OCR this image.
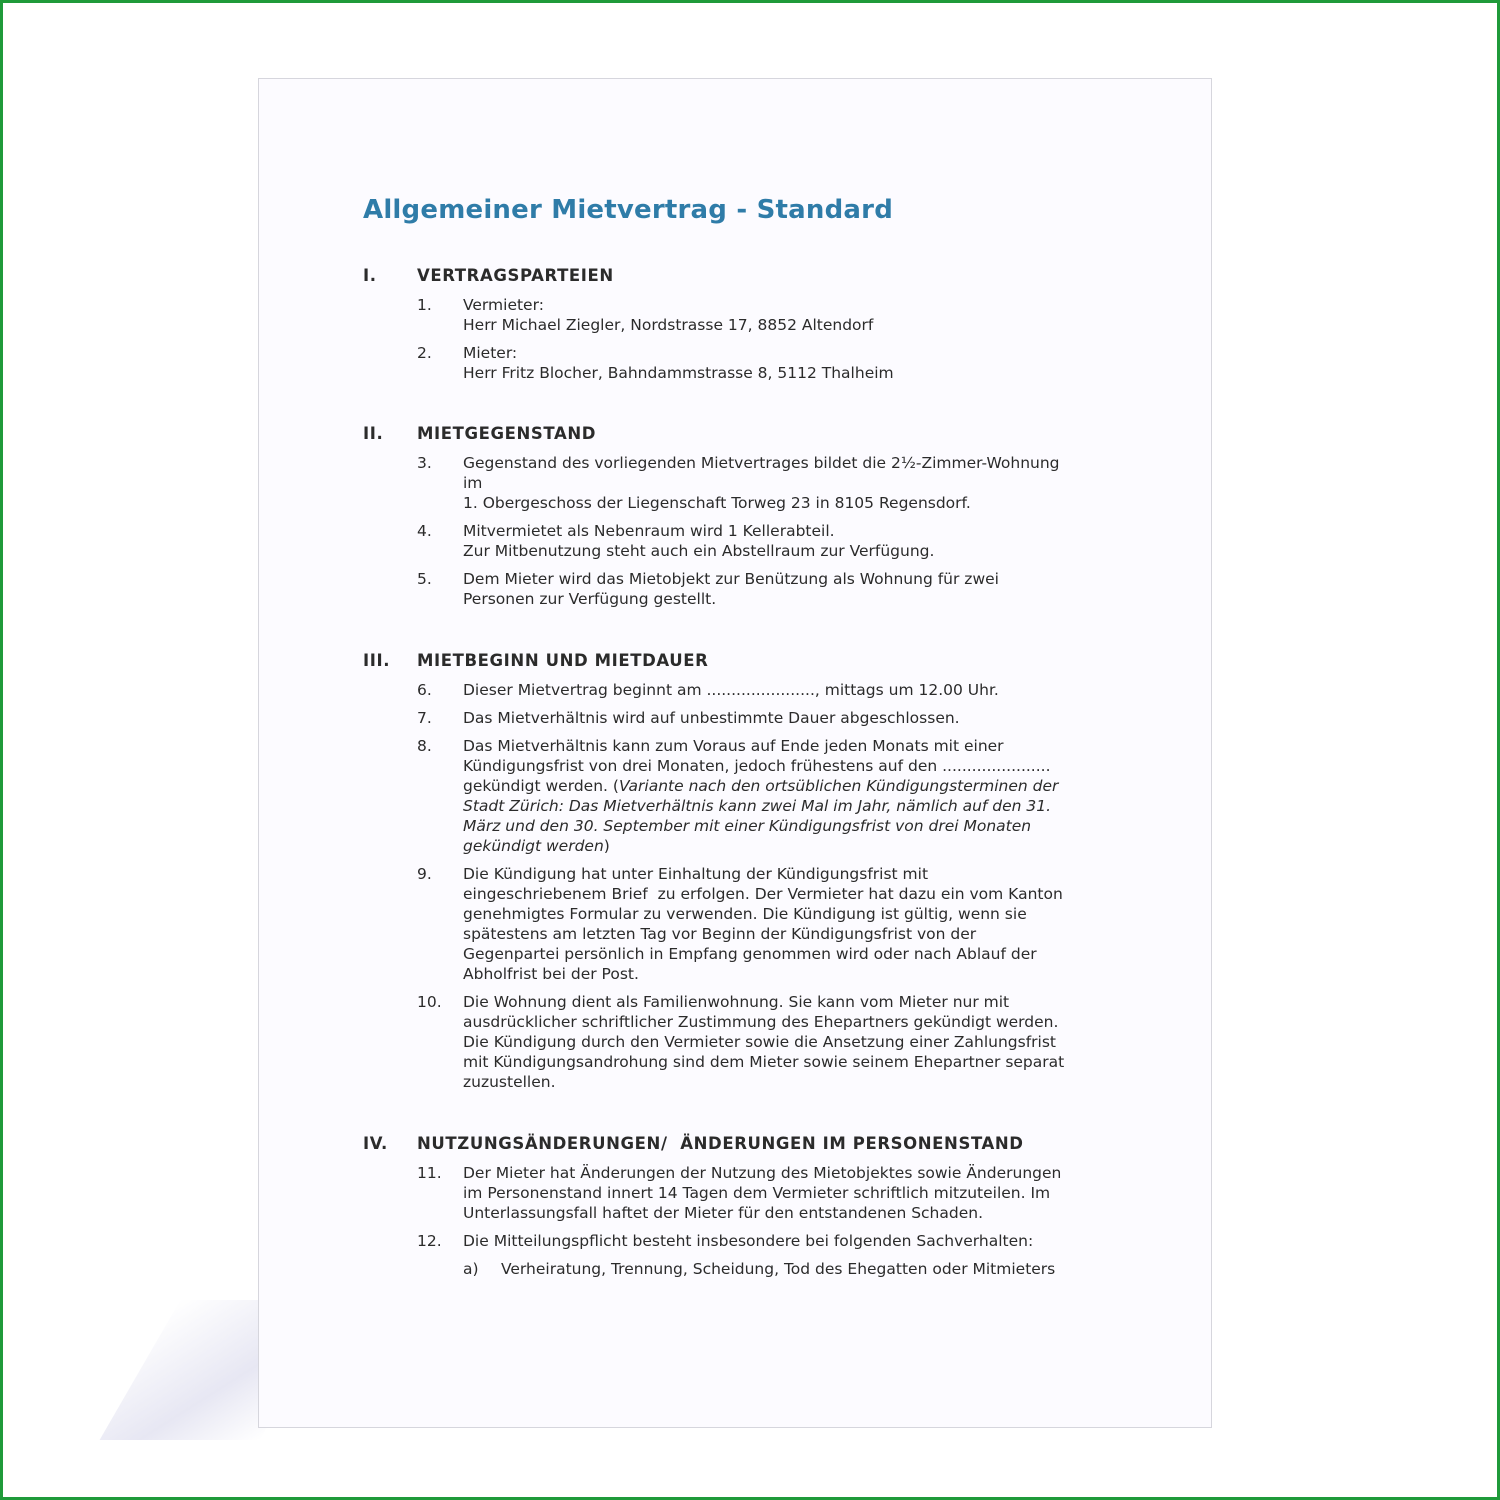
Allgemeiner Mietvertrag - Standard
I.	VERTRAGSPARTEIEN
1.	Vermieter:
Herr Michael Ziegler, Nordstrasse 17, 8852 Altendorf
2.	Mieter:
Herr Fritz Blocher, Bahndammstrasse 8, 5112 Thalheim
II.	MIETGEGENSTAND
3.	Gegenstand des vorliegenden Mietvertrages bildet die 2½-Zimmer-Wohnung
im
1. Obergeschoss der Liegenschaft Torweg 23 in 8105 Regensdorf.
4.	Mitvermietet als Nebenraum wird 1 Kellerabteil.
Zur Mitbenutzung steht auch ein Abstellraum zur Verfügung.
5.	Dem Mieter wird das Mietobjekt zur Benützung als Wohnung für zwei
Personen zur Verfügung gestellt.
III.	MIETBEGINN UND MIETDAUER
6.	Dieser Mietvertrag beginnt am ......................, mittags um 12.00 Uhr.
7.	Das Mietverhältnis wird auf unbestimmte Dauer abgeschlossen.
8.	Das Mietverhältnis kann zum Voraus auf Ende jeden Monats mit einer
Kündigungsfrist von drei Monaten, jedoch frühestens auf den ......................
gekündigt werden. (Variante nach den ortsüblichen Kündigungsterminen der
Stadt Zürich: Das Mietverhältnis kann zwei Mal im Jahr, nämlich auf den 31.
März und den 30. September mit einer Kündigungsfrist von drei Monaten
gekündigt werden)
9.	Die Kündigung hat unter Einhaltung der Kündigungsfrist mit
eingeschriebenem Brief  zu erfolgen. Der Vermieter hat dazu ein vom Kanton
genehmigtes Formular zu verwenden. Die Kündigung ist gültig, wenn sie
spätestens am letzten Tag vor Beginn der Kündigungsfrist von der
Gegenpartei persönlich in Empfang genommen wird oder nach Ablauf der
Abholfrist bei der Post.
10.	Die Wohnung dient als Familienwohnung. Sie kann vom Mieter nur mit
ausdrücklicher schriftlicher Zustimmung des Ehepartners gekündigt werden.
Die Kündigung durch den Vermieter sowie die Ansetzung einer Zahlungsfrist
mit Kündigungsandrohung sind dem Mieter sowie seinem Ehepartner separat
zuzustellen.
IV.	NUTZUNGSÄNDERUNGEN/  ÄNDERUNGEN IM PERSONENSTAND
11.	Der Mieter hat Änderungen der Nutzung des Mietobjektes sowie Änderungen
im Personenstand innert 14 Tagen dem Vermieter schriftlich mitzuteilen. Im
Unterlassungsfall haftet der Mieter für den entstandenen Schaden.
12.	Die Mitteilungspflicht besteht insbesondere bei folgenden Sachverhalten:
a)	Verheiratung, Trennung, Scheidung, Tod des Ehegatten oder Mitmieters
